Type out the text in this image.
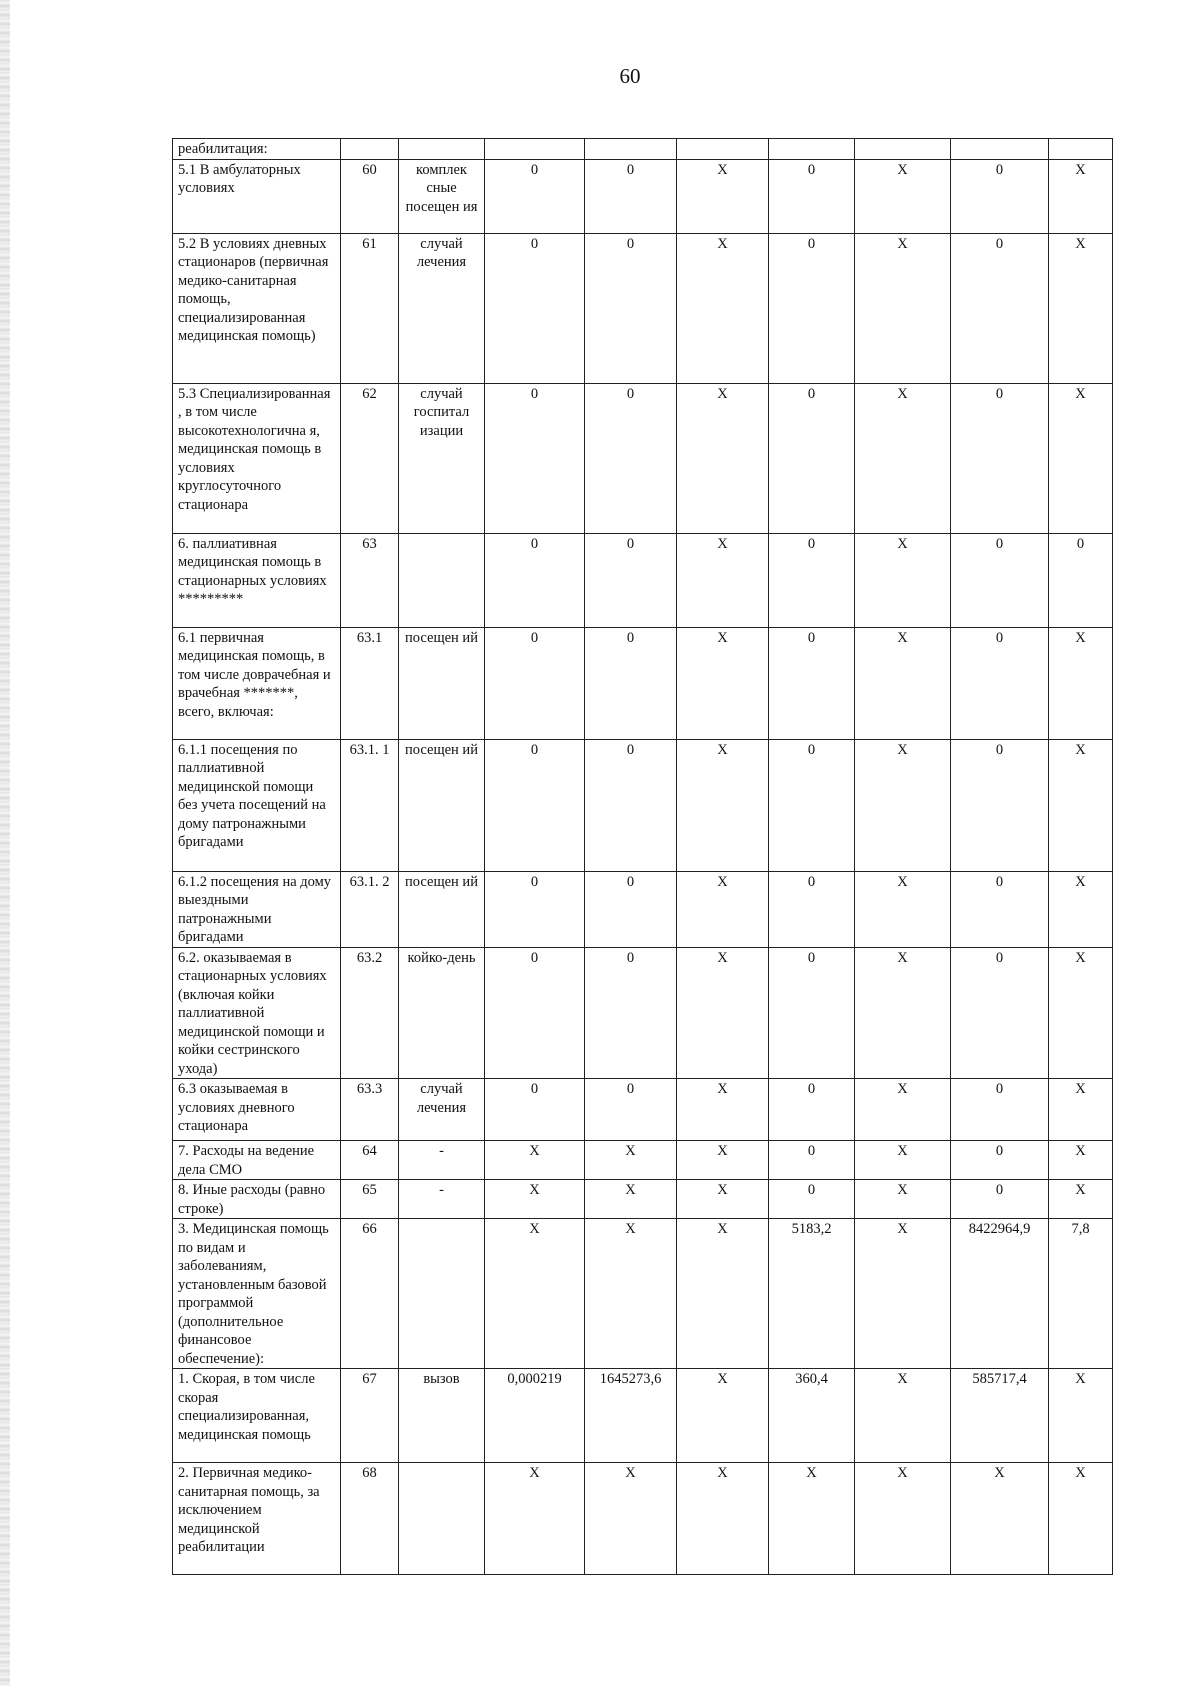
60
реабилитация:									
5.1 В амбулаторных условиях	60	комплек сные посещен ия	0	0	Х	0	Х	0	Х
5.2 В условиях дневных стационаров (первичная медико-санитарная помощь, специализированная медицинская помощь)	61	случай лечения	0	0	Х	0	Х	0	Х
5.3 Специализированная , в том числе высокотехнологична я, медицинская помощь в условиях круглосуточного стационара	62	случай госпитал изации	0	0	Х	0	Х	0	Х
6. паллиативная медицинская помощь в стационарных условиях *********	63		0	0	Х	0	Х	0	0
6.1 первичная медицинская помощь, в том числе доврачебная и врачебная *******, всего, включая:	63.1	посещен ий	0	0	Х	0	Х	0	Х
6.1.1 посещения по паллиативной медицинской помощи без учета посещений на дому патронажными бригадами	63.1. 1	посещен ий	0	0	Х	0	Х	0	Х
6.1.2 посещения на дому выездными патронажными бригадами	63.1. 2	посещен ий	0	0	Х	0	Х	0	Х
6.2. оказываемая в стационарных условиях (включая койки паллиативной медицинской помощи и койки сестринского ухода)	63.2	койко-день	0	0	Х	0	Х	0	Х
6.3 оказываемая в условиях дневного стационара	63.3	случай лечения	0	0	Х	0	Х	0	Х
7. Расходы на ведение дела СМО	64	-	Х	Х	Х	0	Х	0	Х
8. Иные расходы (равно строке)	65	-	Х	Х	Х	0	Х	0	Х
3. Медицинская помощь по видам и заболеваниям, установленным базовой программой (дополнительное финансовое обеспечение):	66		Х	Х	Х	5183,2	Х	8422964,9	7,8
1. Скорая, в том числе скорая специализированная, медицинская помощь	67	вызов	0,000219	1645273,6	Х	360,4	Х	585717,4	Х
2. Первичная медико-санитарная помощь, за исключением медицинской реабилитации	68		Х	Х	Х	Х	Х	Х	Х
